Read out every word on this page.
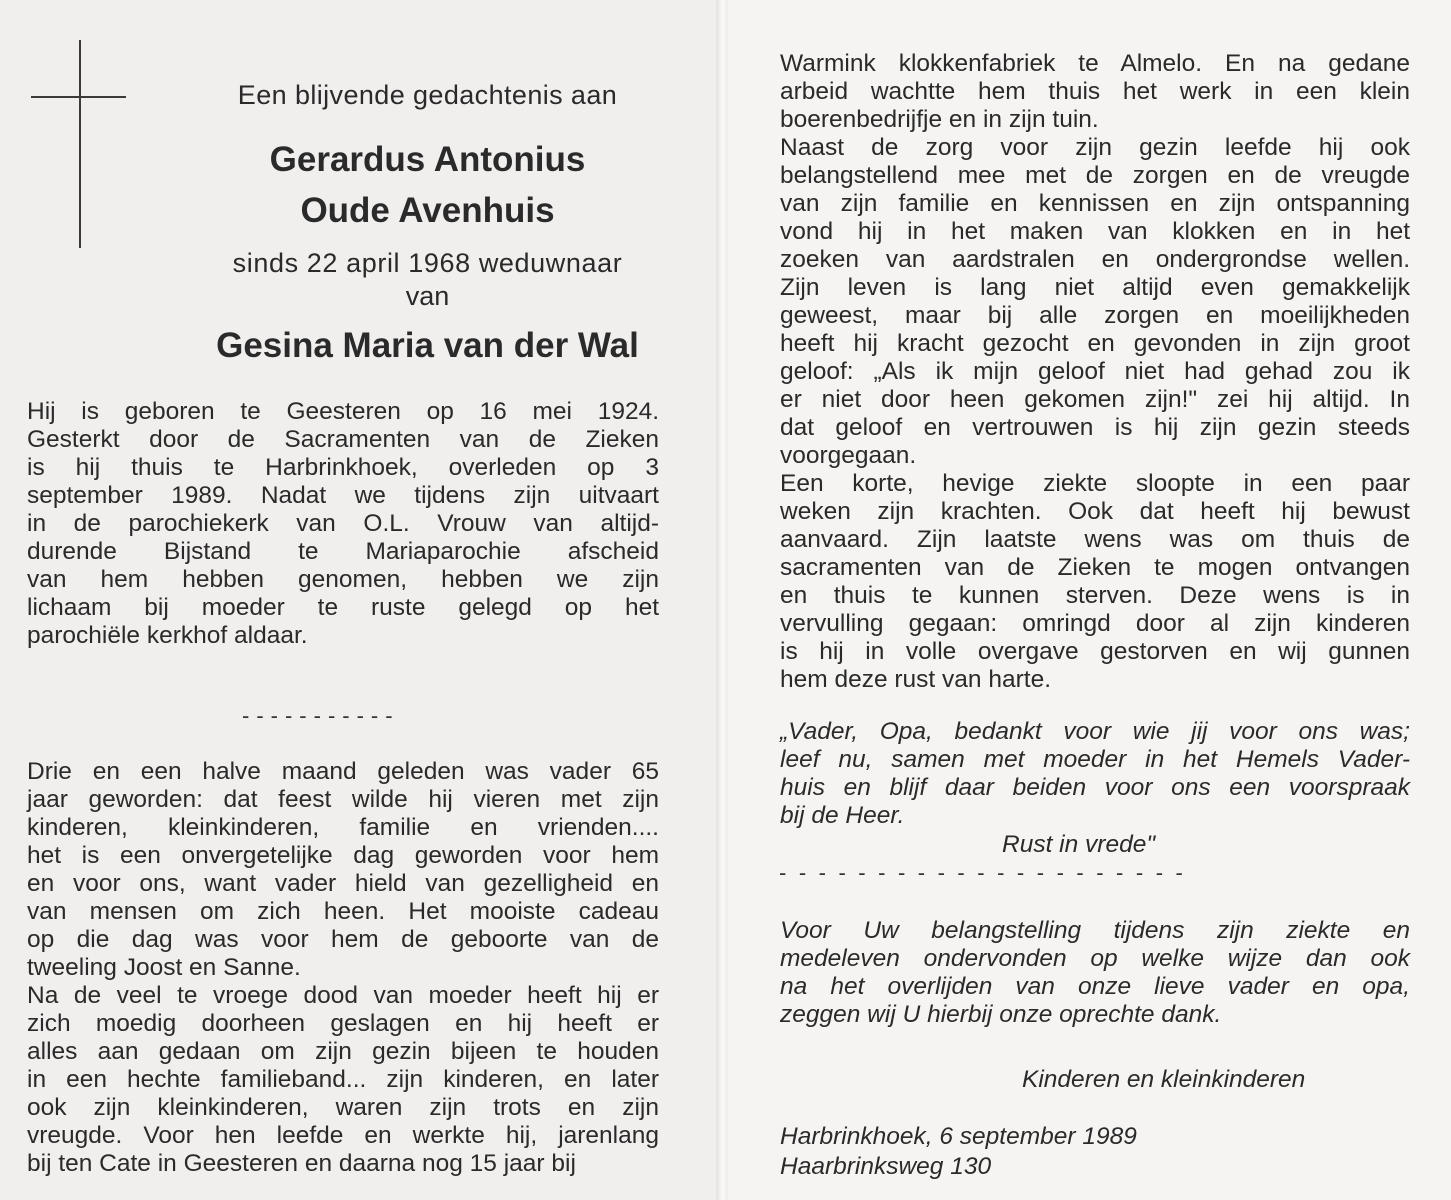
Een blijvende gedachtenis aan
Gerardus Antonius
Oude Avenhuis
sinds 22 april 1968 weduwnaar
van
Gesina Maria van der Wal
Hij is geboren te Geesteren op 16 mei 1924.
Gesterkt door de Sacramenten van de Zieken
is hij thuis te Harbrinkhoek, overleden op 3
september 1989. Nadat we tijdens zijn uitvaart
in de parochiekerk van O.L. Vrouw van altijd-
durende Bijstand te Mariaparochie afscheid
van hem hebben genomen, hebben we zijn
lichaam bij moeder te ruste gelegd op het
parochiële kerkhof aldaar.
-----------
Drie en een halve maand geleden was vader 65
jaar geworden: dat feest wilde hij vieren met zijn
kinderen, kleinkinderen, familie en vrienden....
het is een onvergetelijke dag geworden voor hem
en voor ons, want vader hield van gezelligheid en
van mensen om zich heen. Het mooiste cadeau
op die dag was voor hem de geboorte van de
tweeling Joost en Sanne.
Na de veel te vroege dood van moeder heeft hij er
zich moedig doorheen geslagen en hij heeft er
alles aan gedaan om zijn gezin bijeen te houden
in een hechte familieband... zijn kinderen, en later
ook zijn kleinkinderen, waren zijn trots en zijn
vreugde. Voor hen leefde en werkte hij, jarenlang
bij ten Cate in Geesteren en daarna nog 15 jaar bij
Warmink klokkenfabriek te Almelo. En na gedane
arbeid wachtte hem thuis het werk in een klein
boerenbedrijfje en in zijn tuin.
Naast de zorg voor zijn gezin leefde hij ook
belangstellend mee met de zorgen en de vreugde
van zijn familie en kennissen en zijn ontspanning
vond hij in het maken van klokken en in het
zoeken van aardstralen en ondergrondse wellen.
Zijn leven is lang niet altijd even gemakkelijk
geweest, maar bij alle zorgen en moeilijkheden
heeft hij kracht gezocht en gevonden in zijn groot
geloof: „Als ik mijn geloof niet had gehad zou ik
er niet door heen gekomen zijn!" zei hij altijd. In
dat geloof en vertrouwen is hij zijn gezin steeds
voorgegaan.
Een korte, hevige ziekte sloopte in een paar
weken zijn krachten. Ook dat heeft hij bewust
aanvaard. Zijn laatste wens was om thuis de
sacramenten van de Zieken te mogen ontvangen
en thuis te kunnen sterven. Deze wens is in
vervulling gegaan: omringd door al zijn kinderen
is hij in volle overgave gestorven en wij gunnen
hem deze rust van harte.
„Vader, Opa, bedankt voor wie jij voor ons was;
leef nu, samen met moeder in het Hemels Vader-
huis en blijf daar beiden voor ons een voorspraak
bij de Heer.
Rust in vrede"
---------------------
Voor Uw belangstelling tijdens zijn ziekte en
medeleven ondervonden op welke wijze dan ook
na het overlijden van onze lieve vader en opa,
zeggen wij U hierbij onze oprechte dank.
Kinderen en kleinkinderen
Harbrinkhoek, 6 september 1989
Haarbrinksweg 130
